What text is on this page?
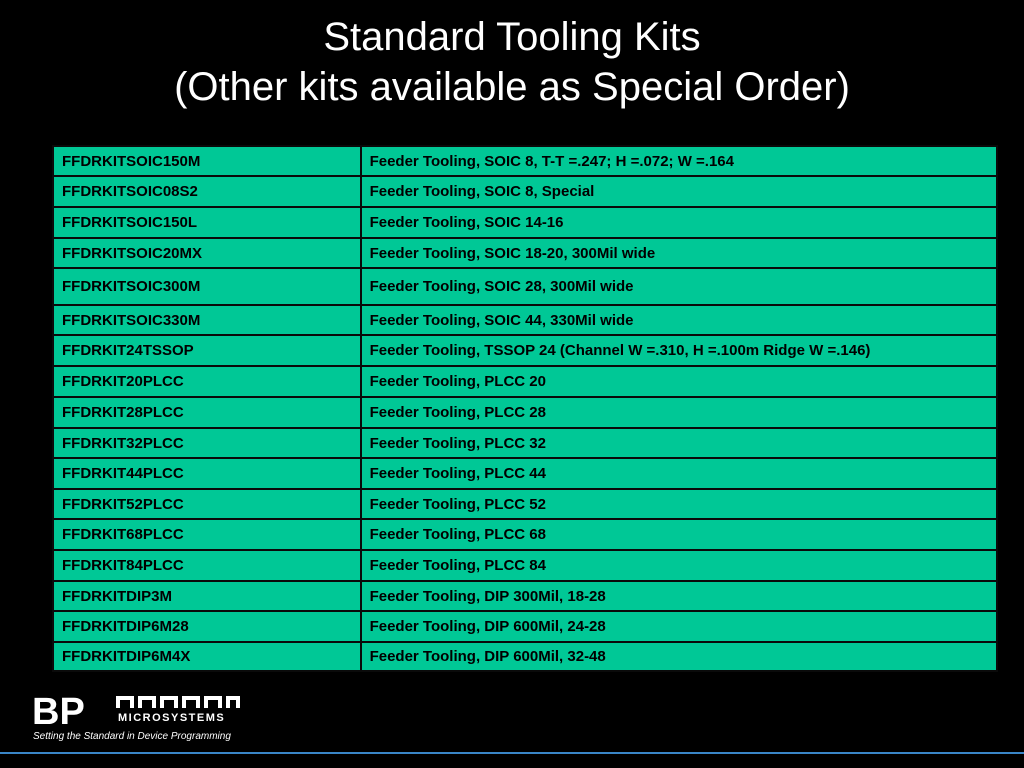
Standard Tooling Kits
(Other kits available as Special Order)
FFDRKITSOIC150M	Feeder Tooling, SOIC 8, T-T =.247; H =.072; W =.164
FFDRKITSOIC08S2	Feeder Tooling, SOIC 8, Special
FFDRKITSOIC150L	Feeder Tooling, SOIC 14-16
FFDRKITSOIC20MX	Feeder Tooling, SOIC 18-20, 300Mil wide
FFDRKITSOIC300M	Feeder Tooling, SOIC 28, 300Mil wide
FFDRKITSOIC330M	Feeder Tooling, SOIC 44, 330Mil wide
FFDRKIT24TSSOP	Feeder Tooling, TSSOP 24 (Channel W =.310, H =.100m Ridge W =.146)
FFDRKIT20PLCC	Feeder Tooling, PLCC 20
FFDRKIT28PLCC	Feeder Tooling, PLCC 28
FFDRKIT32PLCC	Feeder Tooling, PLCC 32
FFDRKIT44PLCC	Feeder Tooling, PLCC 44
FFDRKIT52PLCC	Feeder Tooling, PLCC 52
FFDRKIT68PLCC	Feeder Tooling, PLCC 68
FFDRKIT84PLCC	Feeder Tooling, PLCC 84
FFDRKITDIP3M	Feeder Tooling, DIP 300Mil, 18-28
FFDRKITDIP6M28	Feeder Tooling, DIP 600Mil, 24-28
FFDRKITDIP6M4X	Feeder Tooling, DIP 600Mil, 32-48
BP	MICROSYSTEMS
Setting the Standard in Device Programming
